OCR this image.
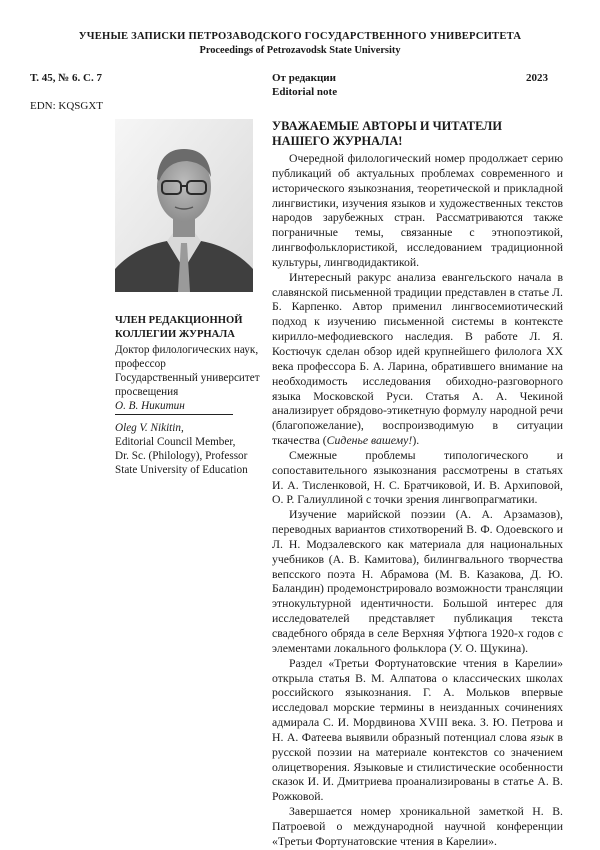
УЧЕНЫЕ ЗАПИСКИ ПЕТРОЗАВОДСКОГО ГОСУДАРСТВЕННОГО УНИВЕРСИТЕТА
Proceedings of Petrozavodsk State University
Т. 45, № 6. С. 7	От редакции
Editorial note
2023
EDN: KQSGXT
ЧЛЕН РЕДАКЦИОННОЙ
КОЛЛЕГИИ ЖУРНАЛА
Доктор филологических наук,
профессор
Государственный университет
просвещения
О. В. Никитин
Oleg V. Nikitin,
Editorial Council Member,
Dr. Sc. (Philology), Professor
State University of Education
УВАЖАЕМЫЕ АВТОРЫ И ЧИТАТЕЛИ
НАШЕГО ЖУРНАЛА!

Очередной филологический номер продолжает серию публикаций об актуальных проблемах современного и исторического языкознания, теоретической и прикладной лингвистики, изучения языков и художественных текстов народов зарубежных стран. Рассматриваются также пограничные темы, связанные с этнопоэтикой, лингвофольклористикой, исследованием традиционной культуры, лингводидактикой.

Интересный ракурс анализа евангельского начала в славянской письменной традиции представлен в статье Л. Б. Карпенко. Автор применил лингвосемиотический подход к изучению письменной системы в контексте кирилло-мефодиевского наследия. В работе Л. Я. Костючук сделан обзор идей крупнейшего филолога XX века профессора Б. А. Ларина, обратившего внимание на необходимость исследования обиходно-разговорного языка Московской Руси. Статья А. А. Чекиной анализирует обрядово-этикетную формулу народной речи (благопожелание), воспроизводимую в ситуации ткачества (Сиденье вашему!).

Смежные проблемы типологического и сопоставительного языкознания рассмотрены в статьях И. А. Тисленковой, Н. С. Братчиковой, И. В. Архиповой, О. Р. Галиуллиной с точки зрения лингвопрагматики.

Изучение марийской поэзии (А. А. Арзамазов), переводных вариантов стихотворений В. Ф. Одоевского и Л. Н. Модзалевского как материала для национальных учебников (А. В. Камитова), билингвального творчества вепсского поэта Н. Абрамова (М. В. Казакова, Д. Ю. Баландин) продемонстрировало возможности трансляции этнокультурной идентичности. Большой интерес для исследователей представляет публикация текста свадебного обряда в селе Верхняя Уфтюга 1920-х годов с элементами локального фольклора (У. О. Щукина).

Раздел «Третьи Фортунатовские чтения в Карелии» открыла статья В. М. Алпатова о классических школах российского языкознания. Г. А. Мольков впервые исследовал морские термины в неизданных сочинениях адмирала С. И. Мордвинова XVIII века. З. Ю. Петрова и Н. А. Фатеева выявили образный потенциал слова язык в русской поэзии на материале контекстов со значением олицетворения. Языковые и стилистические особенности сказок И. И. Дмитриева проанализированы в статье А. В. Рожковой.

Завершается номер хроникальной заметкой Н. В. Патроевой о международной научной конференции «Третьи Фортунатовские чтения в Карелии».
